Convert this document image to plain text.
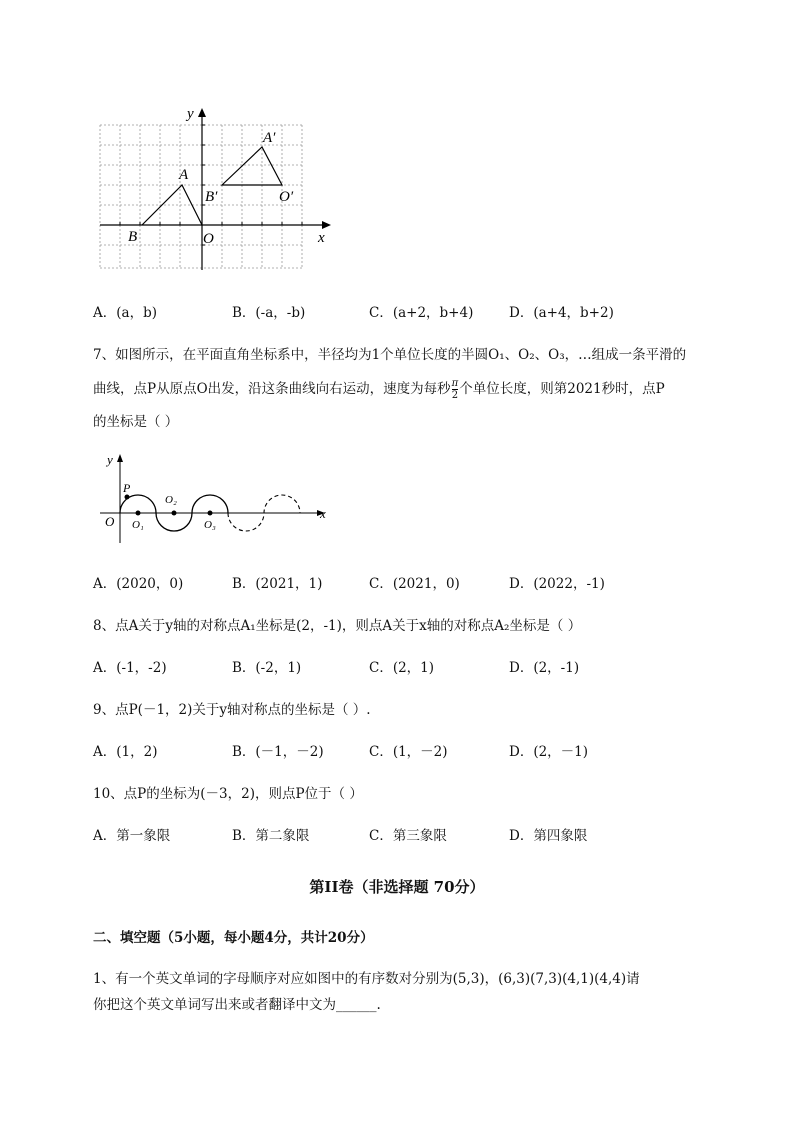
y
x
O
A
B
A′
B′	O′
A．(a，b)	B．(-a，-b)	C．(a+2，b+4)	D．(a+4，b+2)
7、如图所示，在平面直角坐标系中，半径均为1个单位长度的半圆O₁、O₂、O₃，…组成一条平滑的
曲线，点P从原点O出发，沿这条曲线向右运动，速度为每秒 $\frac{\pi}{2}$ 个单位长度，则第2021秒时，点P
的坐标是（ ）
y
x
O
P
O₁
O₂
O₃
A．(2020，0)	B．(2021，1)	C．(2021，0)	D．(2022，-1)
8、点A关于y轴的对称点A₁坐标是(2，-1)，则点A关于x轴的对称点A₂坐标是（ ）
A．(-1，-2)	B．(-2，1)	C．(2，1)	D．(2，-1)
9、点P(－1，2)关于y轴对称点的坐标是（ ）.
A．(1，2)	B．(－1，－2)	C．(1，－2)	D．(2，－1)
10、点P的坐标为(－3，2)，则点P位于（ ）
A．第一象限	B．第二象限	C．第三象限	D．第四象限
第II卷（非选择题 70分）
二、填空题（5小题，每小题4分，共计20分）
1、有一个英文单词的字母顺序对应如图中的有序数对分别为(5,3)，(6,3)(7,3)(4,1)(4,4)请
你把这个英文单词写出来或者翻译中文为______.
